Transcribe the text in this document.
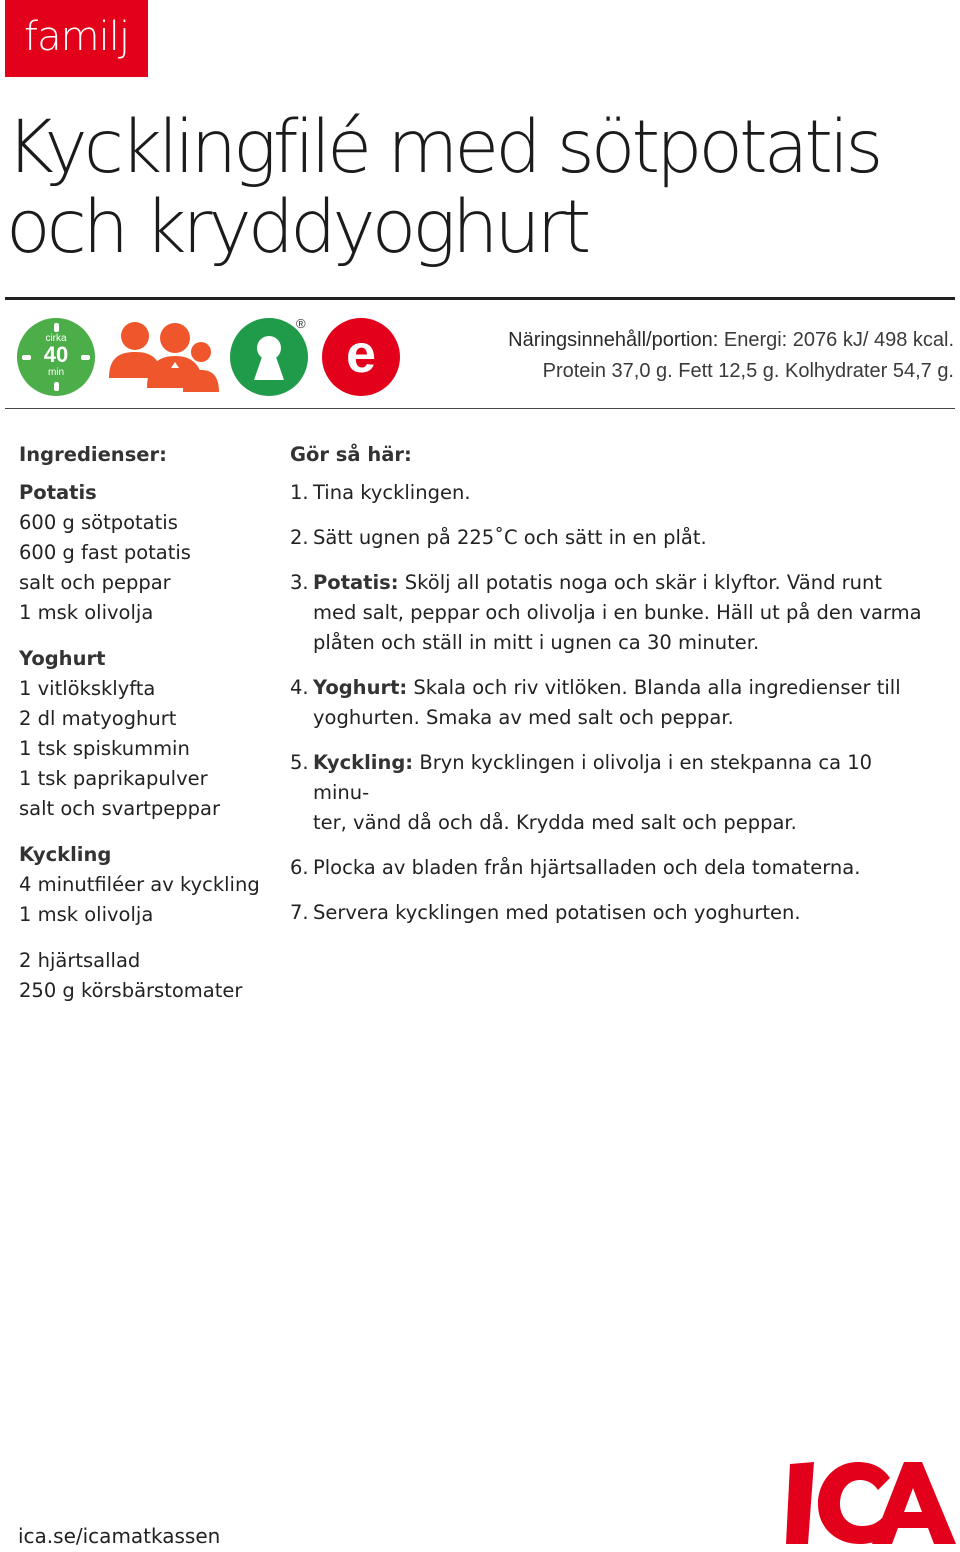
familj
Kycklingfilé med sötpotatis
och kryddyoghurt
cirka
40
min
®
e	Näringsinnehåll/portion: Energi: 2076 kJ/ 498 kcal.
Protein 37,0 g. Fett 12,5 g. Kolhydrater 54,7 g.
Ingredienser:
Potatis
600 g sötpotatis
600 g fast potatis
salt och peppar
1 msk olivolja
Yoghurt
1 vitlöksklyfta
2 dl matyoghurt
1 tsk spiskummin
1 tsk paprikapulver
salt och svartpeppar
Kyckling
4 minutfiléer av kyckling
1 msk olivolja
2 hjärtsallad
250 g körsbärstomater
Gör så här:
1. Tina kycklingen.
2. Sätt ugnen på 225˚C och sätt in en plåt.
3. Potatis: Skölj all potatis noga och skär i klyftor. Vänd runt
med salt, peppar och olivolja i en bunke. Häll ut på den varma
plåten och ställ in mitt i ugnen ca 30 minuter.
4. Yoghurt: Skala och riv vitlöken. Blanda alla ingredienser till
yoghurten. Smaka av med salt och peppar.
5. Kyckling: Bryn kycklingen i olivolja i en stekpanna ca 10 minu-
ter, vänd då och då. Krydda med salt och peppar.
6. Plocka av bladen från hjärtsalladen och dela tomaterna.
7. Servera kycklingen med potatisen och yoghurten.
ica.se/icamatkassen
